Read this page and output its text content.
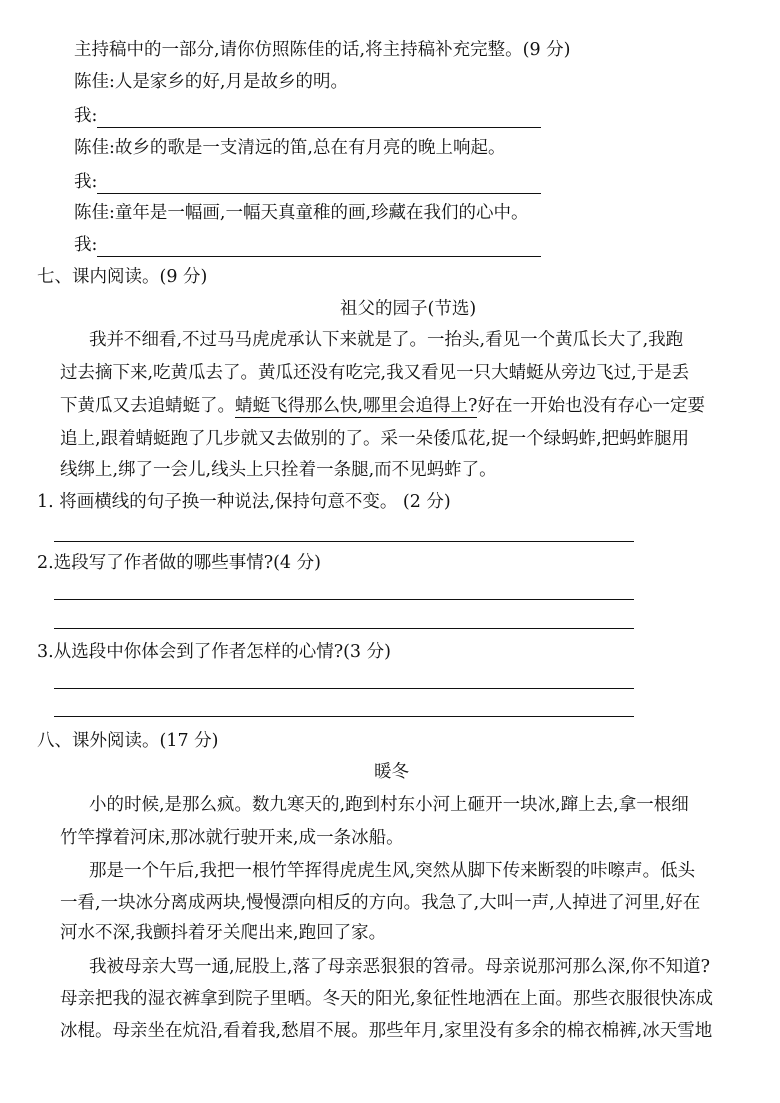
主持稿中的一部分,请你仿照陈佳的话,将主持稿补充完整。(9 分)
陈佳:人是家乡的好,月是故乡的明。
我:
陈佳:故乡的歌是一支清远的笛,总在有月亮的晚上响起。
我:
陈佳:童年是一幅画,一幅天真童稚的画,珍藏在我们的心中。
我:
七、课内阅读。(9 分)
祖父的园子(节选)
我并不细看,不过马马虎虎承认下来就是了。一抬头,看见一个黄瓜长大了,我跑
过去摘下来,吃黄瓜去了。黄瓜还没有吃完,我又看见一只大蜻蜓从旁边飞过,于是丢
下黄瓜又去追蜻蜓了。蜻蜓飞得那么快,哪里会追得上?好在一开始也没有存心一定要
追上,跟着蜻蜓跑了几步就又去做别的了。采一朵倭瓜花,捉一个绿蚂蚱,把蚂蚱腿用
线绑上,绑了一会儿,线头上只拴着一条腿,而不见蚂蚱了。
1. 将画横线的句子换一种说法,保持句意不变。 (2 分)
2.选段写了作者做的哪些事情?(4 分)
3.从选段中你体会到了作者怎样的心情?(3 分)
八、课外阅读。(17 分)
暖冬
小的时候,是那么疯。数九寒天的,跑到村东小河上砸开一块冰,蹿上去,拿一根细
竹竿撑着河床,那冰就行驶开来,成一条冰船。
那是一个午后,我把一根竹竿挥得虎虎生风,突然从脚下传来断裂的咔嚓声。低头
一看,一块冰分离成两块,慢慢漂向相反的方向。我急了,大叫一声,人掉进了河里,好在
河水不深,我颤抖着牙关爬出来,跑回了家。
我被母亲大骂一通,屁股上,落了母亲恶狠狠的笤帚。母亲说那河那么深,你不知道?
母亲把我的湿衣裤拿到院子里晒。冬天的阳光,象征性地洒在上面。那些衣服很快冻成
冰棍。母亲坐在炕沿,看着我,愁眉不展。那些年月,家里没有多余的棉衣棉裤,冰天雪地
